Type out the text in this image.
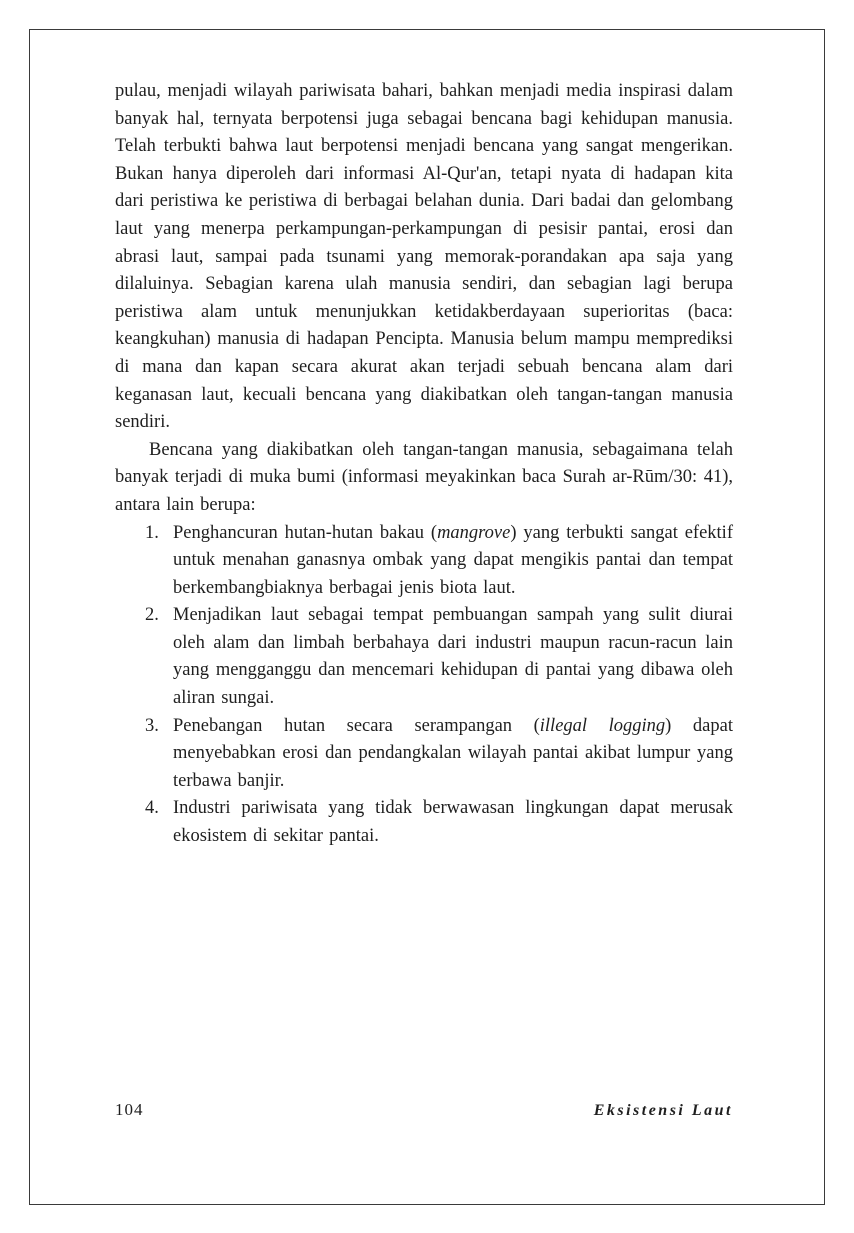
pulau, menjadi wilayah pariwisata bahari, bahkan menjadi media inspirasi dalam banyak hal, ternyata berpotensi juga sebagai bencana bagi kehidupan manusia. Telah terbukti bahwa laut berpotensi menjadi bencana yang sangat mengerikan. Bukan hanya diperoleh dari informasi Al-Qur'an, tetapi nyata di hadapan kita dari peristiwa ke peristiwa di berbagai belahan dunia. Dari badai dan gelombang laut yang menerpa perkampungan-perkampungan di pesisir pantai, erosi dan abrasi laut, sampai pada tsunami yang memorak-porandakan apa saja yang dilaluinya. Sebagian karena ulah manusia sendiri, dan sebagian lagi berupa peristiwa alam untuk menunjukkan ketidakberdayaan superioritas (baca: keangkuhan) manusia di hadapan Pencipta. Manusia belum mampu memprediksi di mana dan kapan secara akurat akan terjadi sebuah bencana alam dari keganasan laut, kecuali bencana yang diakibatkan oleh tangan-tangan manusia sendiri.

Bencana yang diakibatkan oleh tangan-tangan manusia, sebagaimana telah banyak terjadi di muka bumi (informasi meyakinkan baca Surah ar-Rūm/30: 41), antara lain berupa:

1. Penghancuran hutan-hutan bakau (mangrove) yang terbukti sangat efektif untuk menahan ganasnya ombak yang dapat mengikis pantai dan tempat berkembangbiaknya berbagai jenis biota laut.
2. Menjadikan laut sebagai tempat pembuangan sampah yang sulit diurai oleh alam dan limbah berbahaya dari industri maupun racun-racun lain yang mengganggu dan mencemari kehidupan di pantai yang dibawa oleh aliran sungai.
3. Penebangan hutan secara serampangan (illegal logging) dapat menyebabkan erosi dan pendangkalan wilayah pantai akibat lumpur yang terbawa banjir.
4. Industri pariwisata yang tidak berwawasan lingkungan dapat merusak ekosistem di sekitar pantai.
104	Eksistensi Laut
